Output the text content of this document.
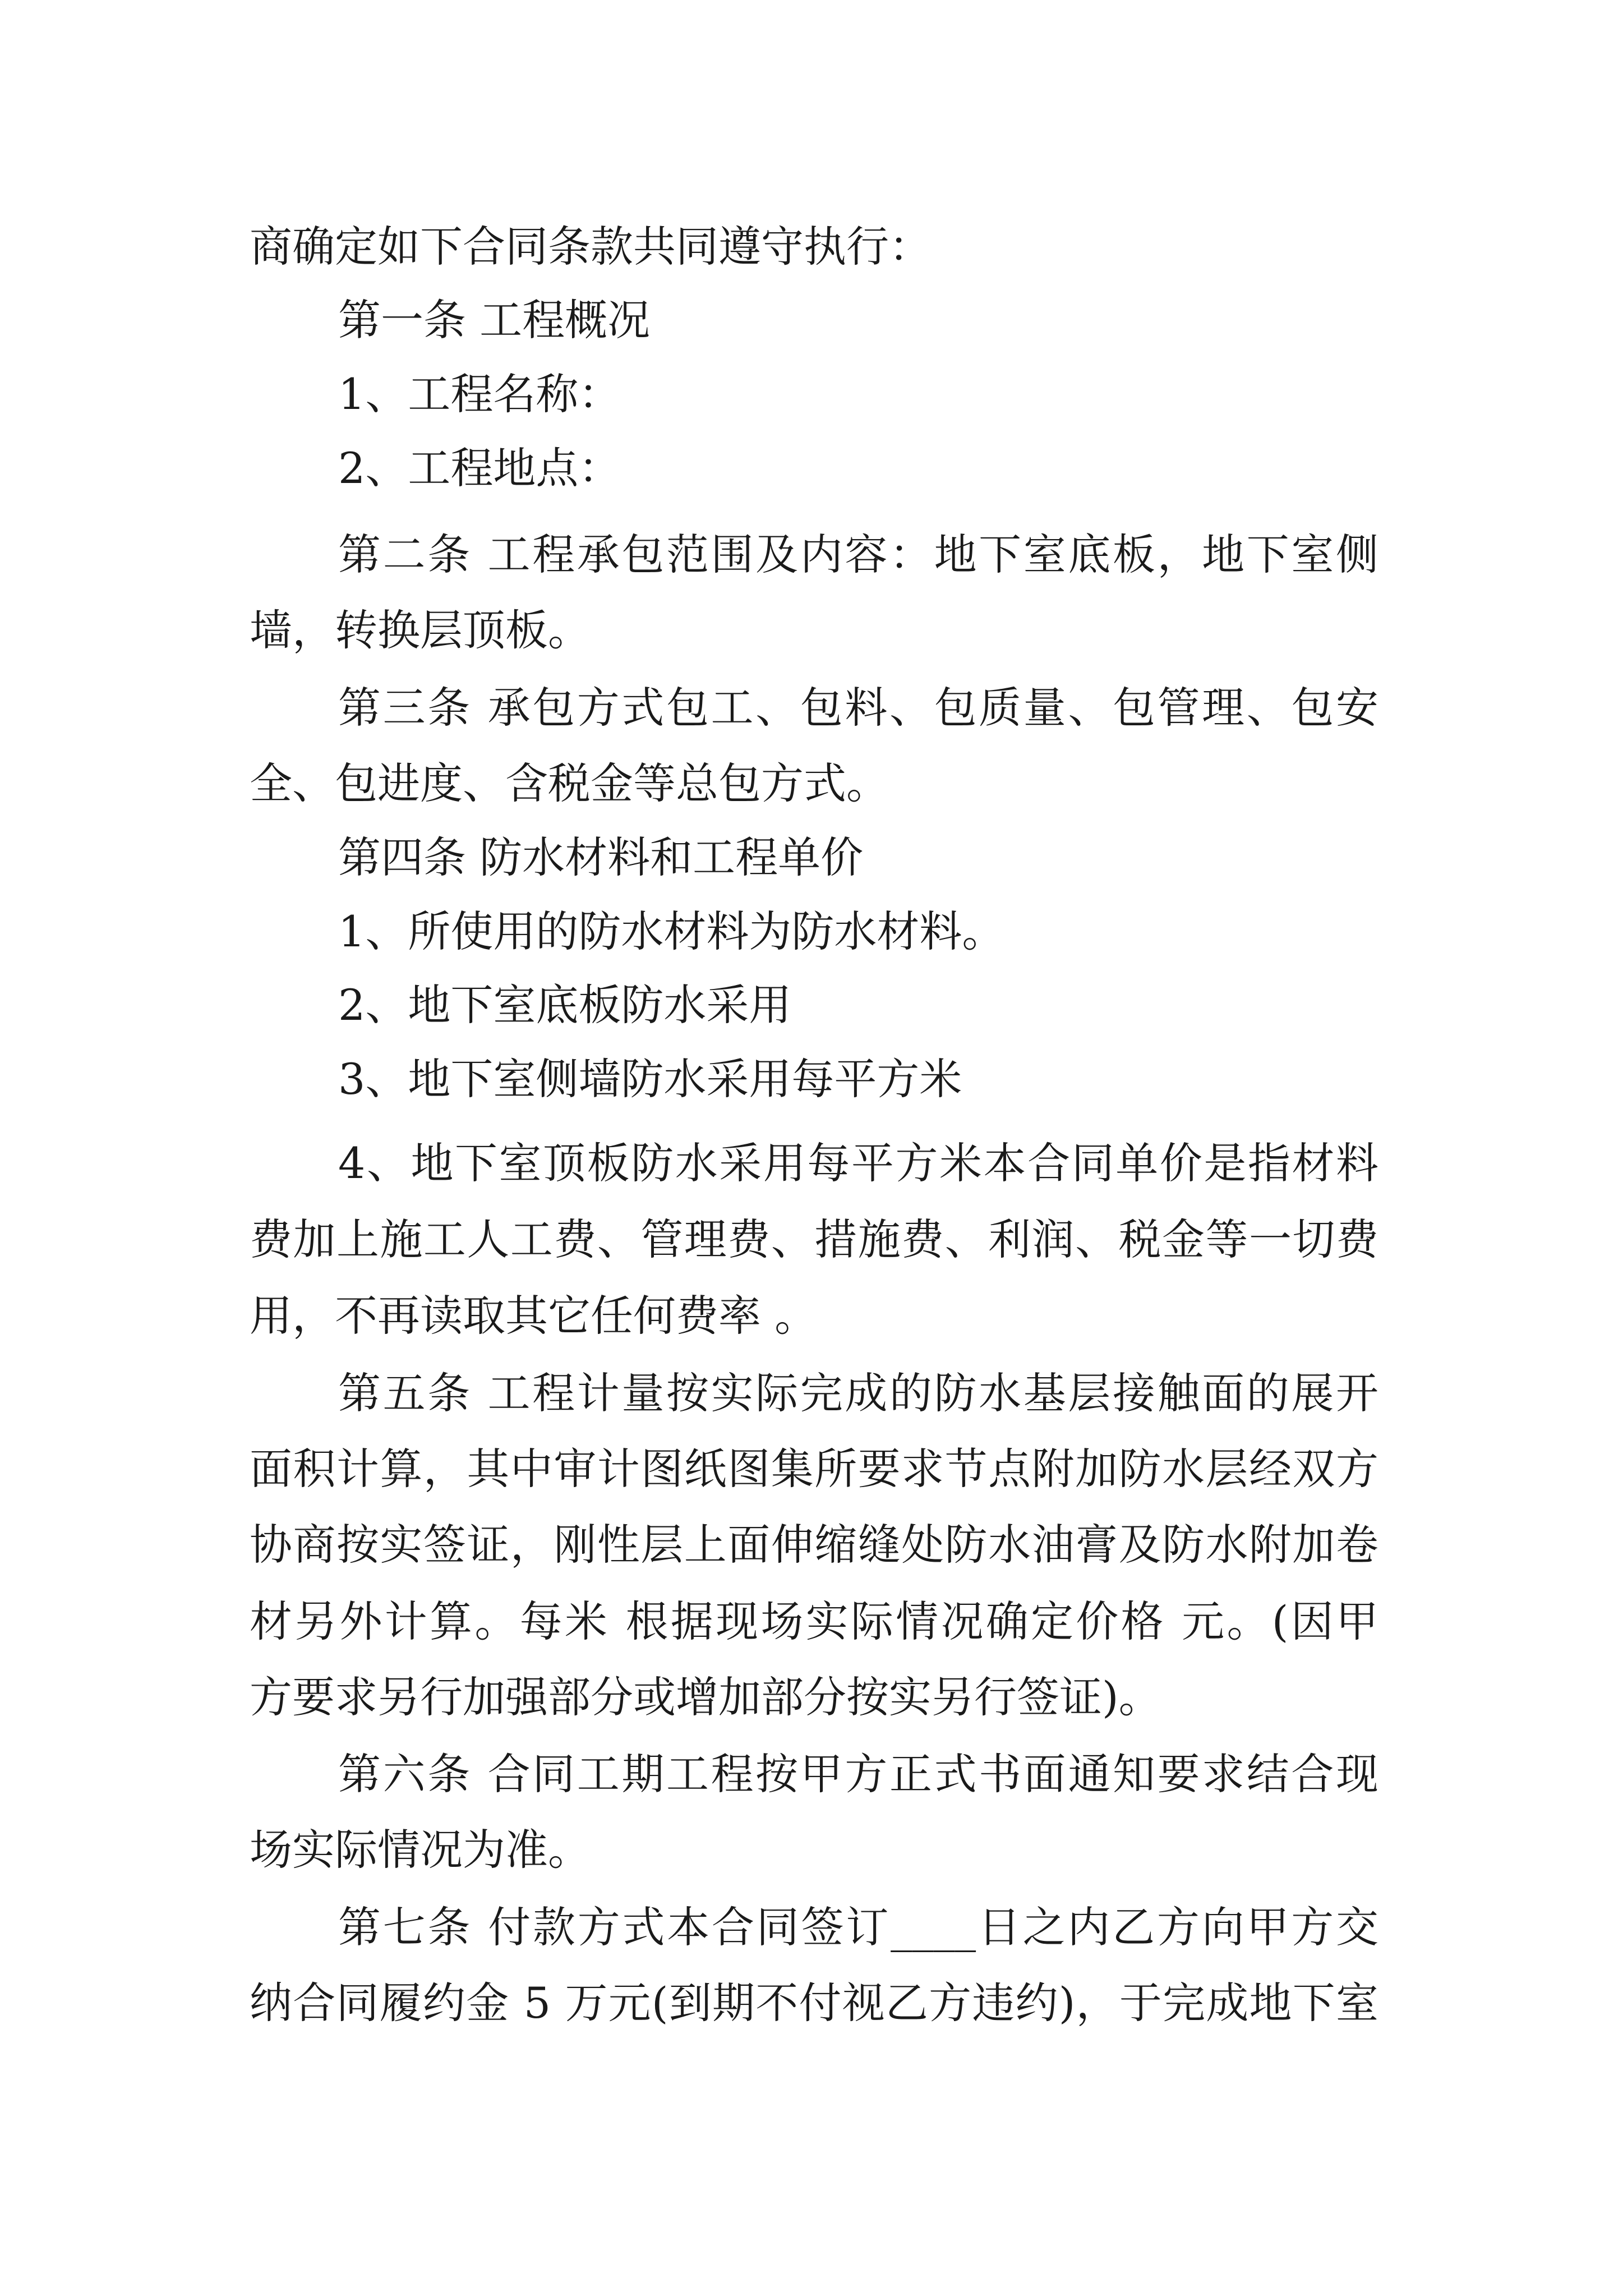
商确定如下合同条款共同遵守执行：

第一条 工程概况

1、工程名称：

2、工程地点：

第二条 工程承包范围及内容：地下室底板，地下室侧

墙，转换层顶板。

第三条 承包方式包工、包料、包质量、包管理、包安

全、包进度、含税金等总包方式。

第四条 防水材料和工程单价

1、所使用的防水材料为防水材料。

2、地下室底板防水采用

3、地下室侧墙防水采用每平方米

4、地下室顶板防水采用每平方米本合同单价是指材料

费加上施工人工费、管理费、措施费、利润、税金等一切费

用，不再读取其它任何费率 。

第五条 工程计量按实际完成的防水基层接触面的展开

面积计算，其中审计图纸图集所要求节点附加防水层经双方

协商按实签证，刚性层上面伸缩缝处防水油膏及防水附加卷

材另外计算。每米 根据现场实际情况确定价格 元。(因甲

方要求另行加强部分或增加部分按实另行签证)。

第六条 合同工期工程按甲方正式书面通知要求结合现

场实际情况为准。

第七条 付款方式本合同签订____日之内乙方向甲方交

纳合同履约金 5 万元(到期不付视乙方违约)，于完成地下室
